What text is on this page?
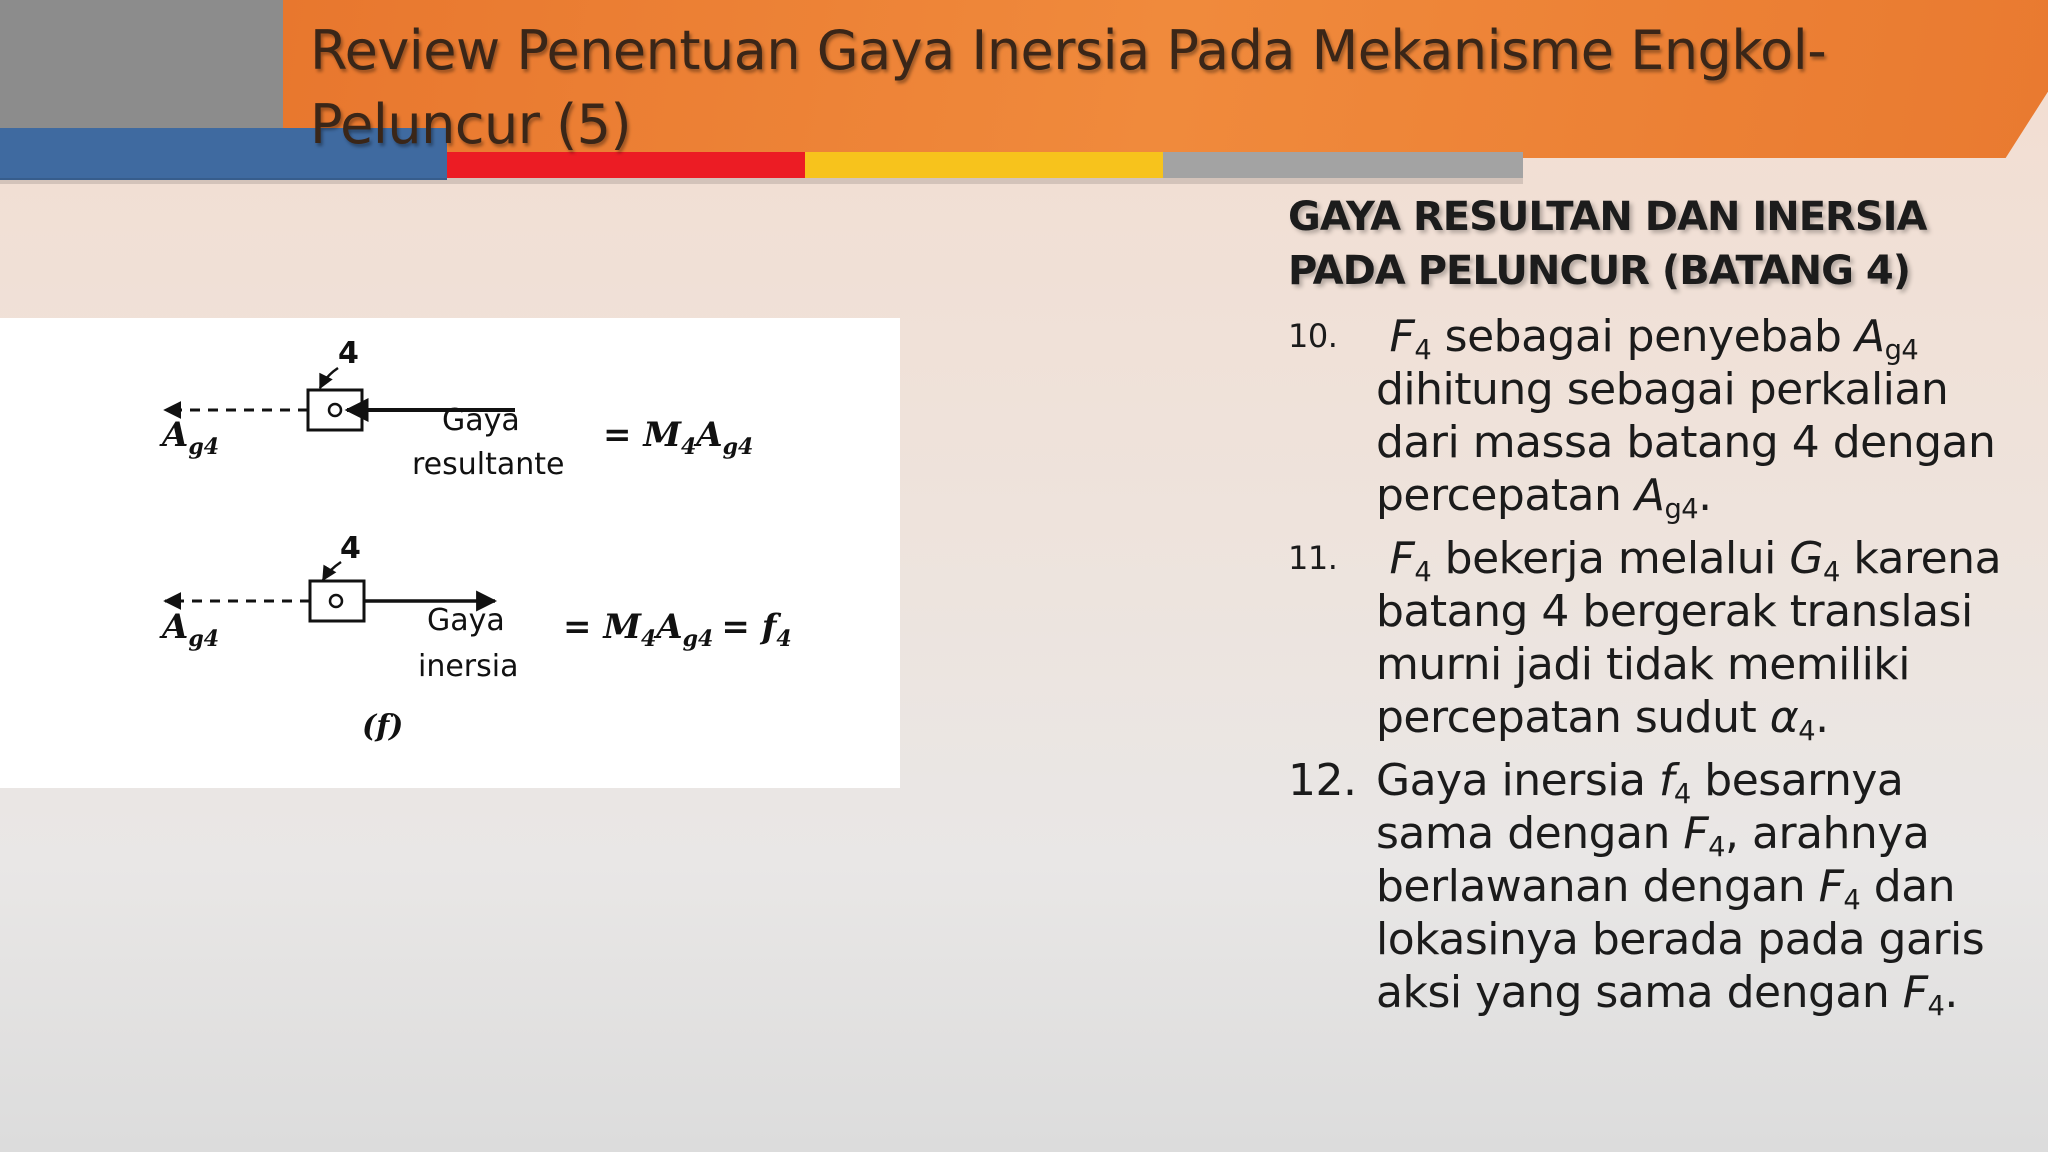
Review Penentuan Gaya Inersia Pada Mekanisme Engkol-Peluncur (5)
4
$A_{g4}$
Gaya
resultante
= $M_4A_{g4}$
4
$A_{g4}$
Gaya
inersia
= $M_4A_{g4} = f_4$
(f)
GAYA RESULTAN DAN INERSIA
PADA PELUNCUR (BATANG 4)
10.	$F_4$ sebagai penyebab $A_{g4}$ dihitung sebagai perkalian dari massa batang 4 dengan percepatan $A_{g4}$.
11.	$F_4$ bekerja melalui $G_4$ karena batang 4 bergerak translasi murni jadi tidak memiliki percepatan sudut $\alpha_4$.
12. Gaya inersia $f_4$ besarnya sama dengan $F_4$, arahnya berlawanan dengan $F_4$ dan lokasinya berada pada garis aksi yang sama dengan $F_4$.
